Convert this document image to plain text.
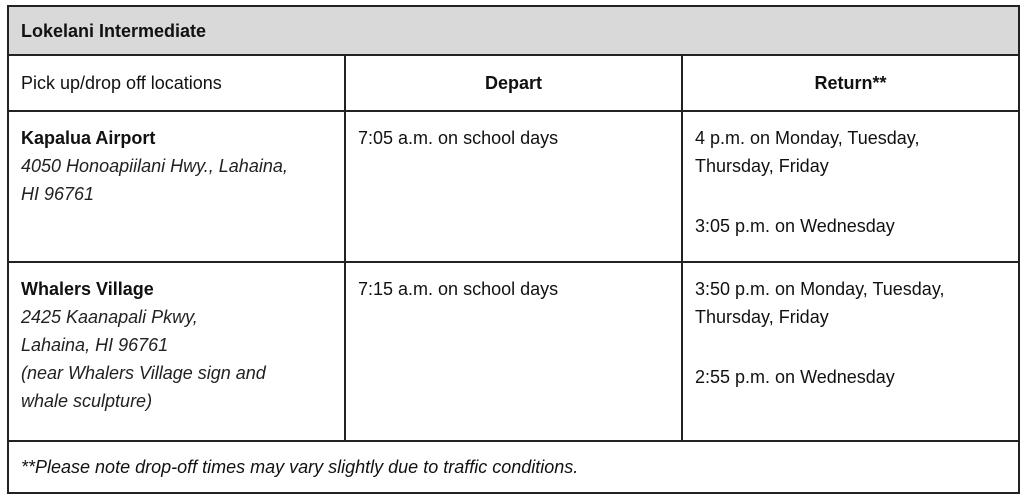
Lokelani Intermediate		
Pick up/drop off locations	Depart	Return**

Kapalua Airport
4050 Honoapiilani Hwy., Lahaina,
HI 96761	7:05 a.m. on school days	4 p.m. on Monday, Tuesday,
Thursday, Friday
3:05 p.m. on Wednesday

Whalers Village
2425 Kaanapali Pkwy,
Lahaina, HI 96761
(near Whalers Village sign and
whale sculpture)	7:15 a.m. on school days	3:50 p.m. on Monday, Tuesday,
Thursday, Friday
2:55 p.m. on Wednesday

**Please note drop-off times may vary slightly due to traffic conditions.		
